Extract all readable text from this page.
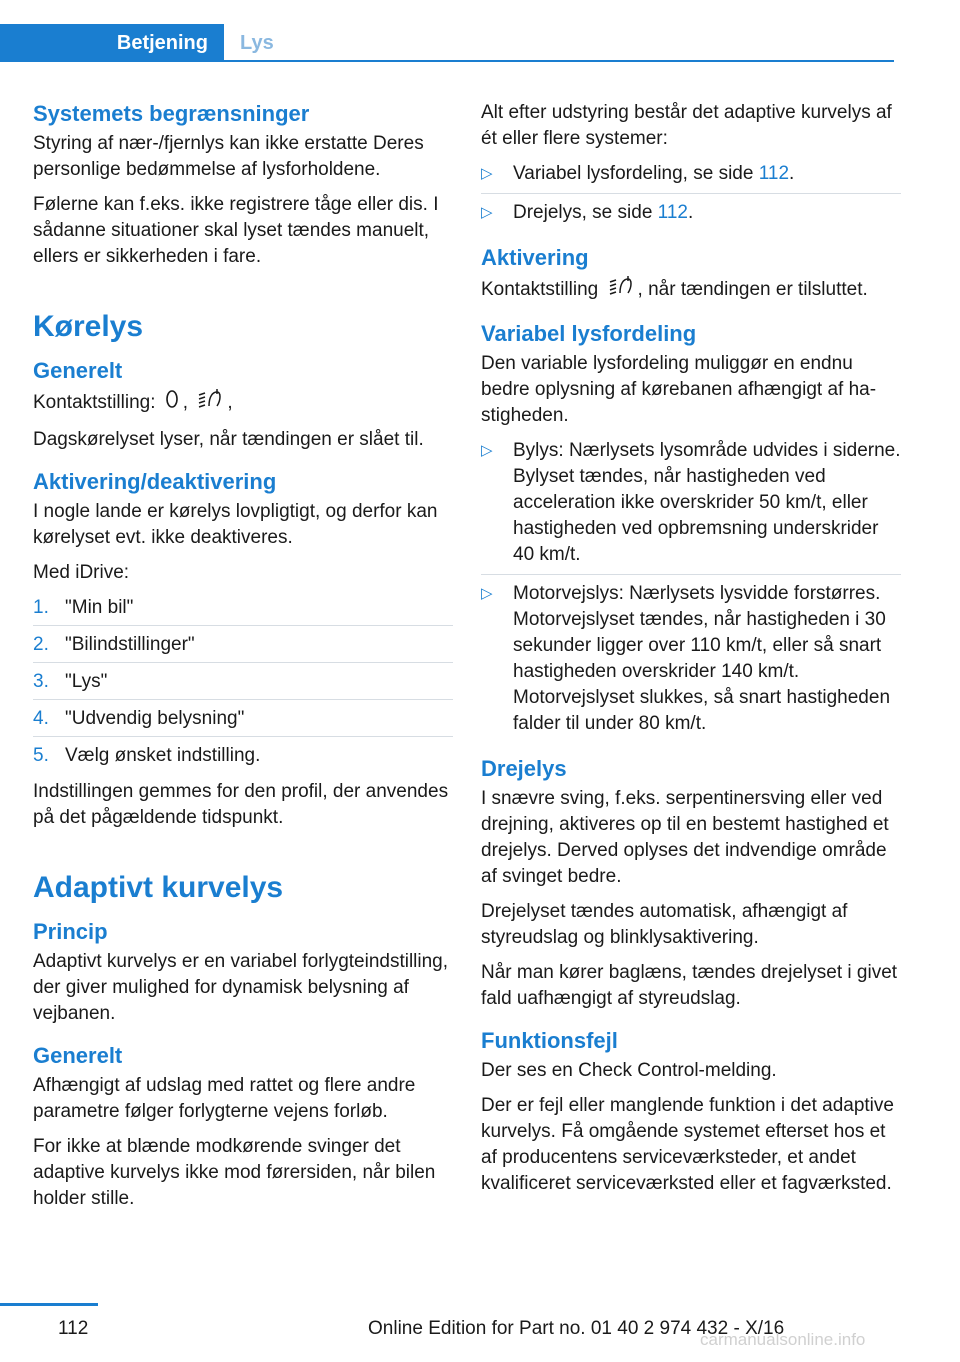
Betjening	Lys
Systemets begrænsninger

Styring af nær-/fjernlys kan ikke erstatte Deres personlige bedømmelse af lysforholdene.

Følerne kan f.eks. ikke registrere tåge eller dis. I sådanne situationer skal lyset tændes manuelt, ellers er sikkerheden i fare.

Kørelys
Generelt

Kontaktstilling: , ,

Dagskørelyset lyser, når tændingen er slået til.

Aktivering/deaktivering

I nogle lande er kørelys lovpligtigt, og derfor kan kørelyset evt. ikke deaktiveres.

Med iDrive:

1. "Min bil"
2. "Bilindstillinger"
3. "Lys"
4. "Udvendig belysning"
5. Vælg ønsket indstilling.

Indstillingen gemmes for den profil, der anvendes på det pågældende tidspunkt.

Adaptivt kurvelys
Princip

Adaptivt kurvelys er en variabel forlygteindstilling, der giver mulighed for dynamisk belysning af vejbanen.

Generelt

Afhængigt af udslag med rattet og flere andre parametre følger forlygterne vejens forløb.

For ikke at blænde modkørende svinger det adaptive kurvelys ikke mod førersiden, når bilen holder stille.

Alt efter udstyring består det adaptive kurvelys af ét eller flere systemer:

▷	Variabel lysfordeling, se side 112.
▷	Drejelys, se side 112.
Aktivering

Kontaktstilling , når tændingen er tilsluttet.

Variabel lysfordeling

Den variable lysfordeling muliggør en endnu bedre oplysning af kørebanen afhængigt af hastigheden.

▷	Bylys: Nærlysets lysområde udvides i siderne. Bylyset tændes, når hastigheden ved acceleration ikke overskrider 50 km/t, eller hastigheden ved opbremsning underskrider 40 km/t.
▷	Motorvejslys: Nærlysets lysvidde forstørres. Motorvejslyset tændes, når hastigheden i 30 sekunder ligger over 110 km/t, eller så snart hastigheden overskrider 140 km/t. Motorvejslyset slukkes, så snart hastigheden falder til under 80 km/t.
Drejelys

I snævre sving, f.eks. serpentinersving eller ved drejning, aktiveres op til en bestemt hastighed et drejelys. Derved oplyses det indvendige område af svinget bedre.

Drejelyset tændes automatisk, afhængigt af styreudslag og blinklysaktivering.

Når man kører baglæns, tændes drejelyset i givet fald uafhængigt af styreudslag.

Funktionsfejl

Der ses en Check Control-melding.

Der er fejl eller manglende funktion i det adaptive kurvelys. Få omgående systemet efterset hos et af producentens serviceværksteder, et andet kvalificeret serviceværksted eller et fagværksted.

112	Online Edition for Part no. 01 40 2 974 432 - X/16
carmanualsonline.info
